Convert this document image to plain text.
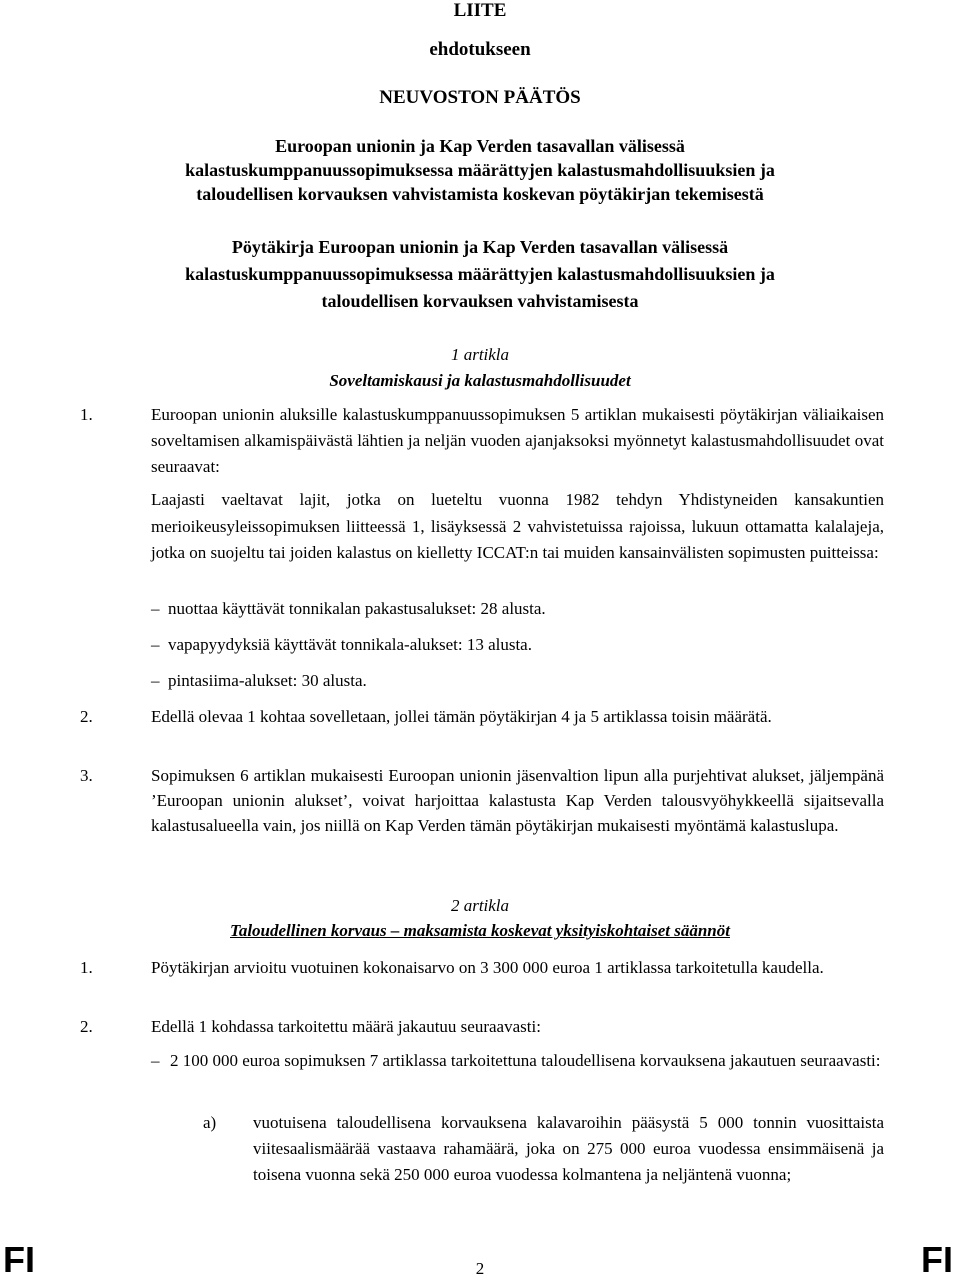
LIITE
ehdotukseen
NEUVOSTON PÄÄTÖS
Euroopan unionin ja Kap Verden tasavallan välisessä
kalastuskumppanuussopimuksessa määrättyjen kalastusmahdollisuuksien ja
taloudellisen korvauksen vahvistamista koskevan pöytäkirjan tekemisestä
Pöytäkirja Euroopan unionin ja Kap Verden tasavallan välisessä
kalastuskumppanuussopimuksessa määrättyjen kalastusmahdollisuuksien ja
taloudellisen korvauksen vahvistamisesta
1 artikla
Soveltamiskausi ja kalastusmahdollisuudet
1.	Euroopan unionin aluksille kalastuskumppanuussopimuksen 5 artiklan mukaisesti pöytäkirjan väliaikaisen soveltamisen alkamispäivästä lähtien ja neljän vuoden ajanjaksoksi myönnetyt kalastusmahdollisuudet ovat seuraavat:
Laajasti vaeltavat lajit, jotka on lueteltu vuonna 1982 tehdyn Yhdistyneiden kansakuntien merioikeusyleissopimuksen liitteessä 1, lisäyksessä 2 vahvistetuissa rajoissa, lukuun ottamatta kalalajeja, jotka on suojeltu tai joiden kalastus on kielletty ICCAT:n tai muiden kansainvälisten sopimusten puitteissa:
– nuottaa käyttävät tonnikalan pakastusalukset: 28 alusta.
– vapapyydyksiä käyttävät tonnikala-alukset: 13 alusta.
– pintasiima-alukset: 30 alusta.
2.	Edellä olevaa 1 kohtaa sovelletaan, jollei tämän pöytäkirjan 4 ja 5 artiklassa toisin määrätä.
3.	Sopimuksen 6 artiklan mukaisesti Euroopan unionin jäsenvaltion lipun alla purjehtivat alukset, jäljempänä ’Euroopan unionin alukset’, voivat harjoittaa kalastusta Kap Verden talousvyöhykkeellä sijaitsevalla kalastusalueella vain, jos niillä on Kap Verden tämän pöytäkirjan mukaisesti myöntämä kalastuslupa.
2 artikla
Taloudellinen korvaus – maksamista koskevat yksityiskohtaiset säännöt
1.	Pöytäkirjan arvioitu vuotuinen kokonaisarvo on 3 300 000 euroa 1 artiklassa tarkoitetulla kaudella.
2.	Edellä 1 kohdassa tarkoitettu määrä jakautuu seuraavasti:
– 2 100 000 euroa sopimuksen 7 artiklassa tarkoitettuna taloudellisena korvauksena jakautuen seuraavasti:
a) vuotuisena taloudellisena korvauksena kalavaroihin pääsystä 5 000 tonnin vuosittaista viitesaalismäärää vastaava rahamäärä, joka on 275 000 euroa vuodessa ensimmäisenä ja toisena vuonna sekä 250 000 euroa vuodessa kolmantena ja neljäntenä vuonna;
FI	2	FI
